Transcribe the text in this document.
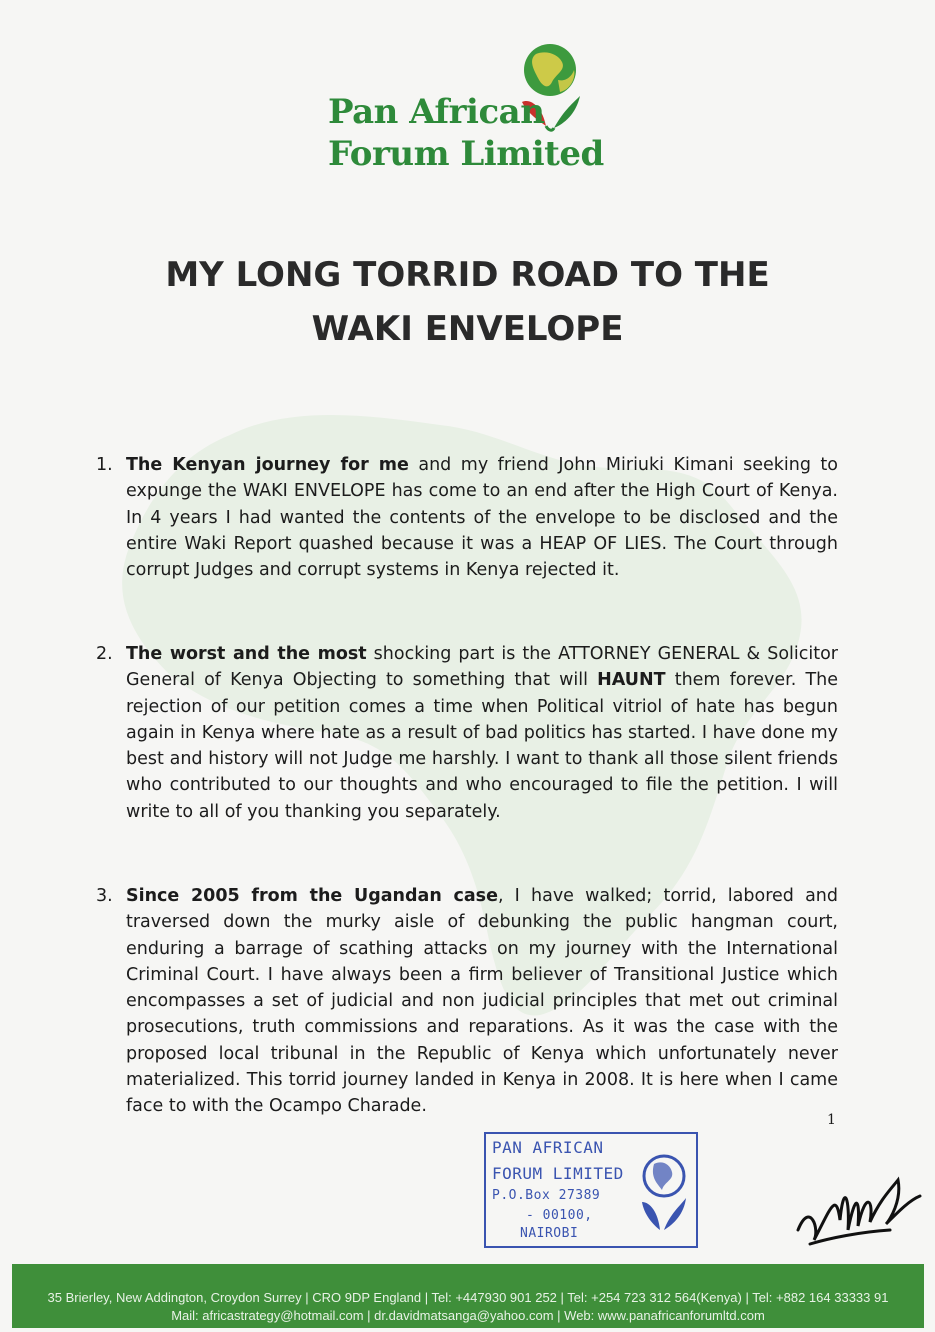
Pan African
Forum Limited
MY LONG TORRID ROAD TO THE
WAKI ENVELOPE
1. The Kenyan journey for me and my friend John Miriuki Kimani seeking to expunge the WAKI ENVELOPE has come to an end after the High Court of Kenya. In 4 years I had wanted the contents of the envelope to be disclosed and the entire Waki Report quashed because it was a HEAP OF LIES. The Court through corrupt Judges and corrupt systems in Kenya rejected it.
2. The worst and the most shocking part is the ATTORNEY GENERAL & Solicitor General of Kenya Objecting to something that will HAUNT them forever. The rejection of our petition comes a time when Political vitriol of hate has begun again in Kenya where hate as a result of bad politics has started. I have done my best and history will not Judge me harshly. I want to thank all those silent friends who contributed to our thoughts and who encouraged to file the petition. I will write to all of you thanking you separately.
3. Since 2005 from the Ugandan case, I have walked; torrid, labored and traversed down the murky aisle of debunking the public hangman court, enduring a barrage of scathing attacks on my journey with the International Criminal Court. I have always been a firm believer of Transitional Justice which encompasses a set of judicial and non judicial principles that met out criminal prosecutions, truth commissions and reparations. As it was the case with the proposed local tribunal in the Republic of Kenya which unfortunately never materialized. This torrid journey landed in Kenya in 2008. It is here when I came face to with the Ocampo Charade.
1
PAN AFRICAN
FORUM LIMITED
P.O.Box 27389
- 00100,
NAIROBI
35 Brierley, New Addington, Croydon Surrey | CRO 9DP England | Tel: +447930 901 252 | Tel: +254 723 312 564(Kenya) | Tel: +882 164 33333 91
Mail: africastrategy@hotmail.com | dr.davidmatsanga@yahoo.com | Web: www.panafricanforumltd.com
